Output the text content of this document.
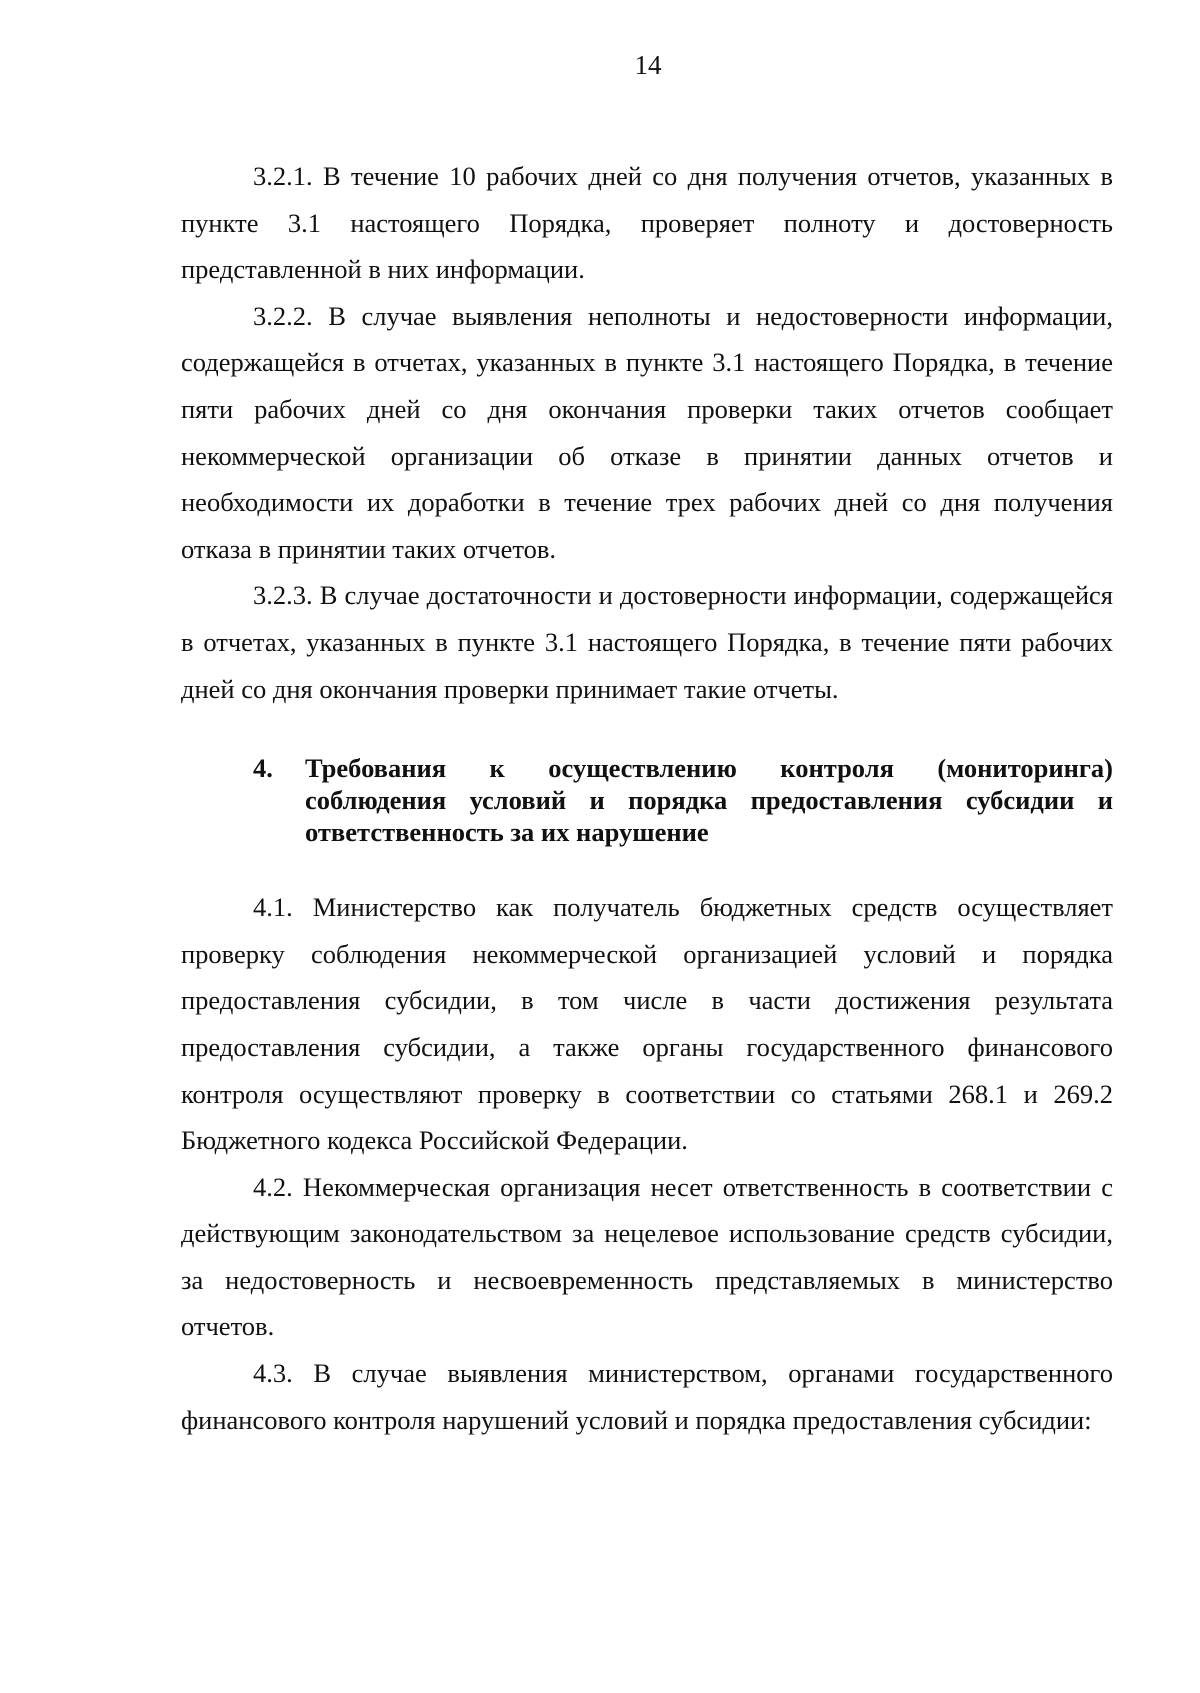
14

3.2.1. В течение 10 рабочих дней со дня получения отчетов, указанных в пункте 3.1 настоящего Порядка, проверяет полноту и достоверность представленной в них информации.

3.2.2. В случае выявления неполноты и недостоверности информации, содержащейся в отчетах, указанных в пункте 3.1 настоящего Порядка, в течение пяти рабочих дней со дня окончания проверки таких отчетов сообщает некоммерческой организации об отказе в принятии данных отчетов и необходимости их доработки в течение трех рабочих дней со дня получения отказа в принятии таких отчетов.

3.2.3. В случае достаточности и достоверности информации, содержащейся в отчетах, указанных в пункте 3.1 настоящего Порядка, в течение пяти рабочих дней со дня окончания проверки принимает такие отчеты.

4.	Требования к осуществлению контроля (мониторинга) соблюдения условий и порядка предоставления субсидии и ответственность за их нарушение

4.1. Министерство как получатель бюджетных средств осуществляет проверку соблюдения некоммерческой организацией условий и порядка предоставления субсидии, в том числе в части достижения результата предоставления субсидии, а также органы государственного финансового контроля осуществляют проверку в соответствии со статьями 268.1 и 269.2 Бюджетного кодекса Российской Федерации.

4.2. Некоммерческая организация несет ответственность в соответствии с действующим законодательством за нецелевое использование средств субсидии, за недостоверность и несвоевременность представляемых в министерство отчетов.

4.3. В случае выявления министерством, органами государственного финансового контроля нарушений условий и порядка предоставления субсидии:
